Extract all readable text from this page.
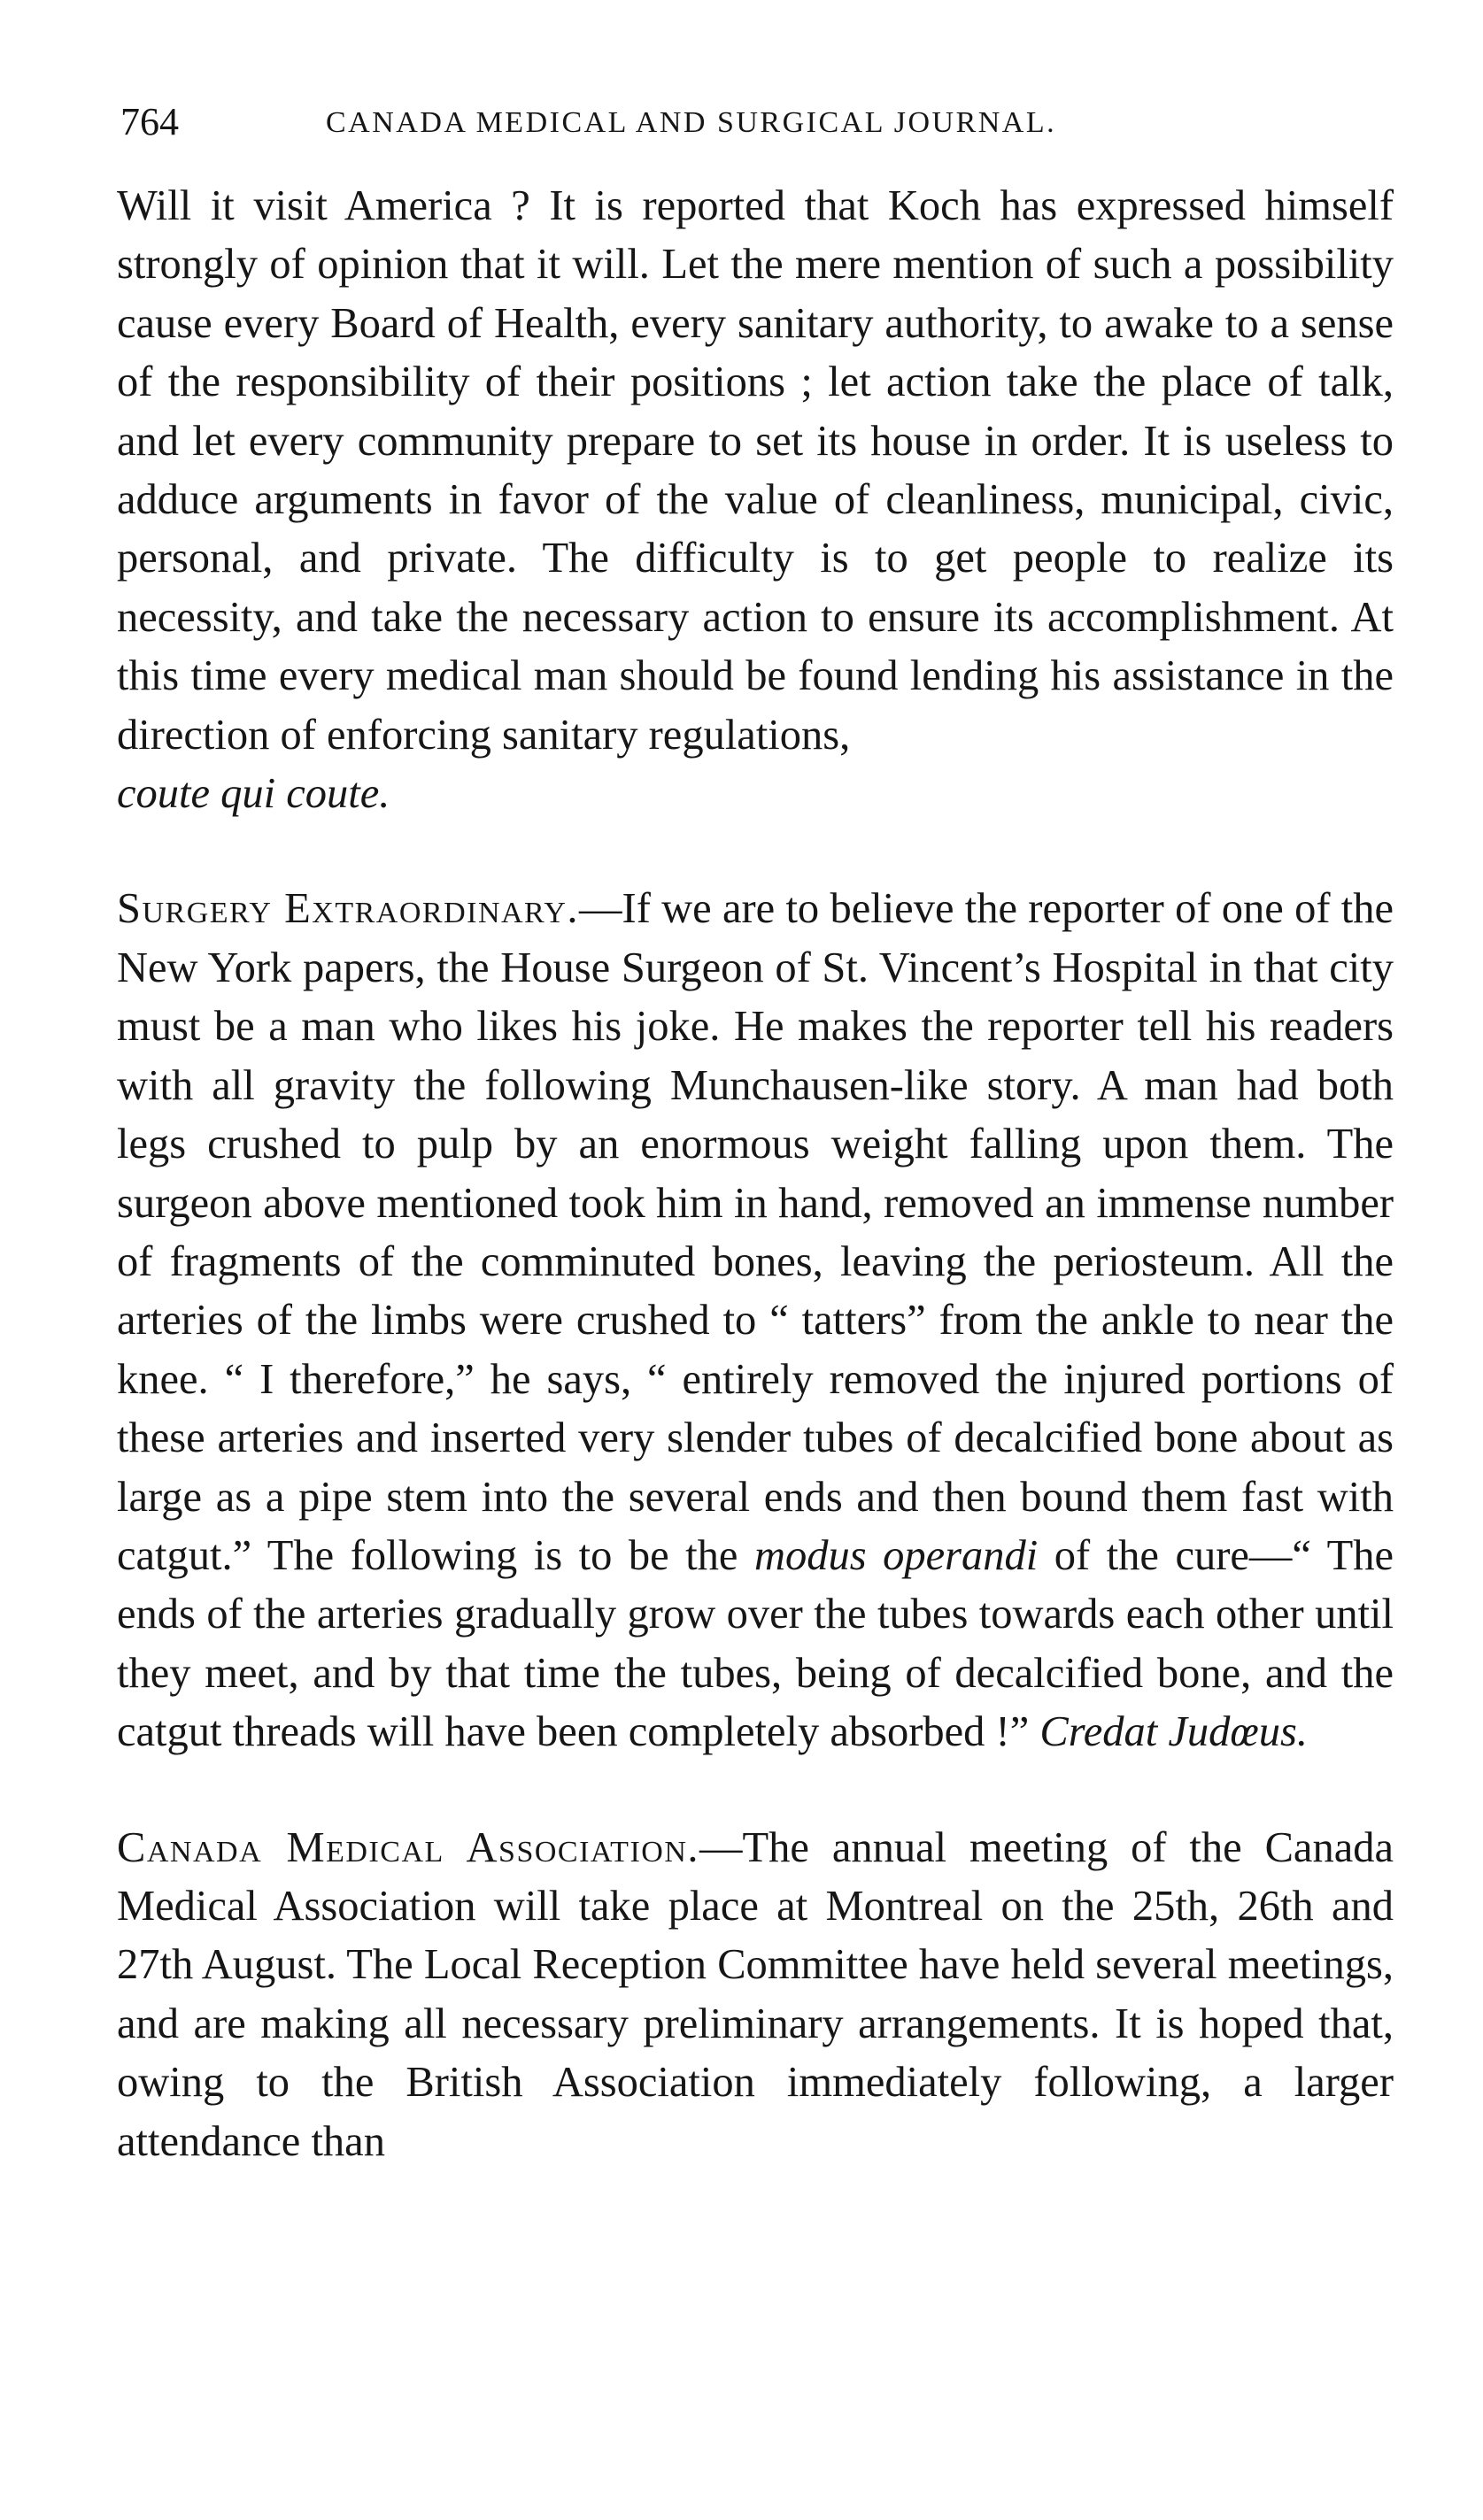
764	CANADA MEDICAL AND SURGICAL JOURNAL.

Will it visit America ? It is reported that Koch has expressed himself strongly of opinion that it will. Let the mere mention of such a possibility cause every Board of Health, every sanitary authority, to awake to a sense of the responsibility of their positions ; let action take the place of talk, and let every community prepare to set its house in order. It is useless to adduce arguments in favor of the value of cleanliness, municipal, civic, personal, and private. The difficulty is to get people to realize its necessity, and take the necessary action to ensure its accomplishment. At this time every medical man should be found lending his assistance in the direction of enforcing sanitary regulations,
coute qui coute.

Surgery Extraordinary.—If we are to believe the reporter of one of the New York papers, the House Surgeon of St. Vincent’s Hospital in that city must be a man who likes his joke. He makes the reporter tell his readers with all gravity the following Munchausen-like story. A man had both legs crushed to pulp by an enormous weight falling upon them. The surgeon above mentioned took him in hand, removed an immense number of fragments of the comminuted bones, leaving the periosteum. All the arteries of the limbs were crushed to “ tatters” from the ankle to near the knee. “ I therefore,” he says, “ entirely removed the injured portions of these arteries and inserted very slender tubes of decalcified bone about as large as a pipe stem into the several ends and then bound them fast with catgut.” The following is to be the modus operandi of the cure—“ The ends of the arteries gradually grow over the tubes towards each other until they meet, and by that time the tubes, being of decalcified bone, and the catgut threads will have been completely absorbed !” Credat Judœus.

Canada Medical Association.—The annual meeting of the Canada Medical Association will take place at Montreal on the 25th, 26th and 27th August. The Local Reception Committee have held several meetings, and are making all necessary preliminary arrangements. It is hoped that, owing to the British Association immediately following, a larger attendance than
